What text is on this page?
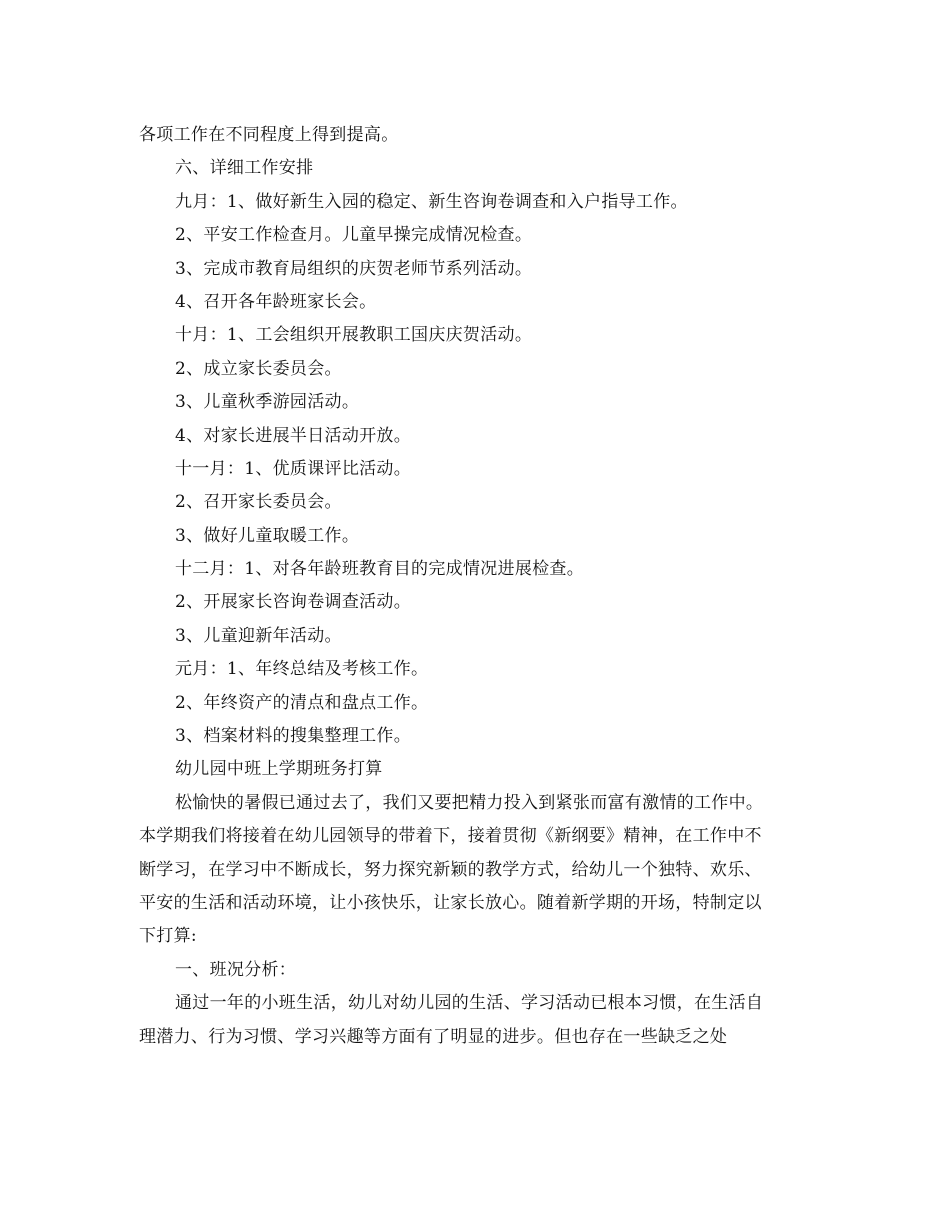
各项工作在不同程度上得到提高。
六、详细工作安排
九月：1、做好新生入园的稳定、新生咨询卷调查和入户指导工作。
2、平安工作检查月。儿童早操完成情况检查。
3、完成市教育局组织的庆贺老师节系列活动。
4、召开各年龄班家长会。
十月：1、工会组织开展教职工国庆庆贺活动。
2、成立家长委员会。
3、儿童秋季游园活动。
4、对家长进展半日活动开放。
十一月：1、优质课评比活动。
2、召开家长委员会。
3、做好儿童取暖工作。
十二月：1、对各年龄班教育目的完成情况进展检查。
2、开展家长咨询卷调查活动。
3、儿童迎新年活动。
元月：1、年终总结及考核工作。
2、年终资产的清点和盘点工作。
3、档案材料的搜集整理工作。
幼儿园中班上学期班务打算
松愉快的暑假已通过去了，我们又要把精力投入到紧张而富有激情的工作中。
本学期我们将接着在幼儿园领导的带着下，接着贯彻《新纲要》精神，在工作中不
断学习，在学习中不断成长，努力探究新颖的教学方式，给幼儿一个独特、欢乐、
平安的生活和活动环境，让小孩快乐，让家长放心。随着新学期的开场，特制定以
下打算:
一、班况分析：
通过一年的小班生活，幼儿对幼儿园的生活、学习活动已根本习惯，在生活自
理潜力、行为习惯、学习兴趣等方面有了明显的进步。但也存在一些缺乏之处
